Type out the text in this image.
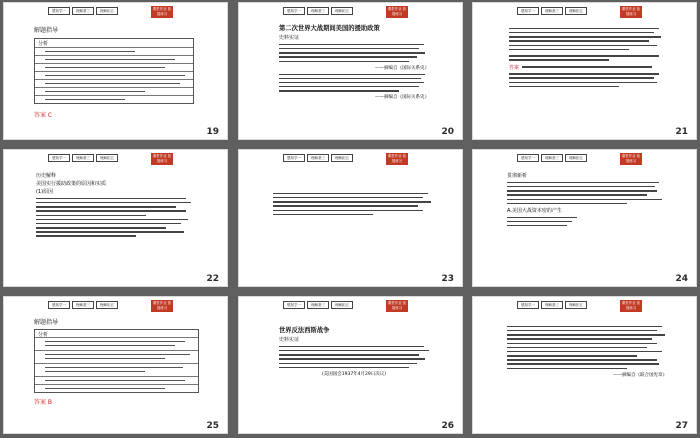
感知学一	理解基三	理解拓五	课堂作业 拓展练习
解题指导
分析
答案 C
19
感知学一	理解基三	理解拓五	课堂作业 拓展练习
第二次世界大战期间美国的援助政策
史料实证
——摘编自《国际关系史》
——摘编自《国际关系史》
20
感知学一	理解基三	理解拓五	课堂作业 拓展练习
答案
21
感知学一	理解基三	理解拓五	课堂作业 拓展练习
历史解释
美国实行援助政策的原因和实质
(1)原因
22
感知学一	理解基三	理解拓五	课堂作业 拓展练习
23
感知学一	理解基三	理解拓五	课堂作业 拓展练习
贯彻新析
A.美国大战资本密的产生
24
感知学一	理解基三	理解拓五	课堂作业 拓展练习
解题指导
分析
答案 B
25
感知学一	理解基三	理解拓五	课堂作业 拓展练习
世界反法西斯战争
史料实证
(美国国会1937年4月29日决议)
26
感知学一	理解基三	理解拓五	课堂作业 拓展练习
——摘编自《联合国宪章》
27
